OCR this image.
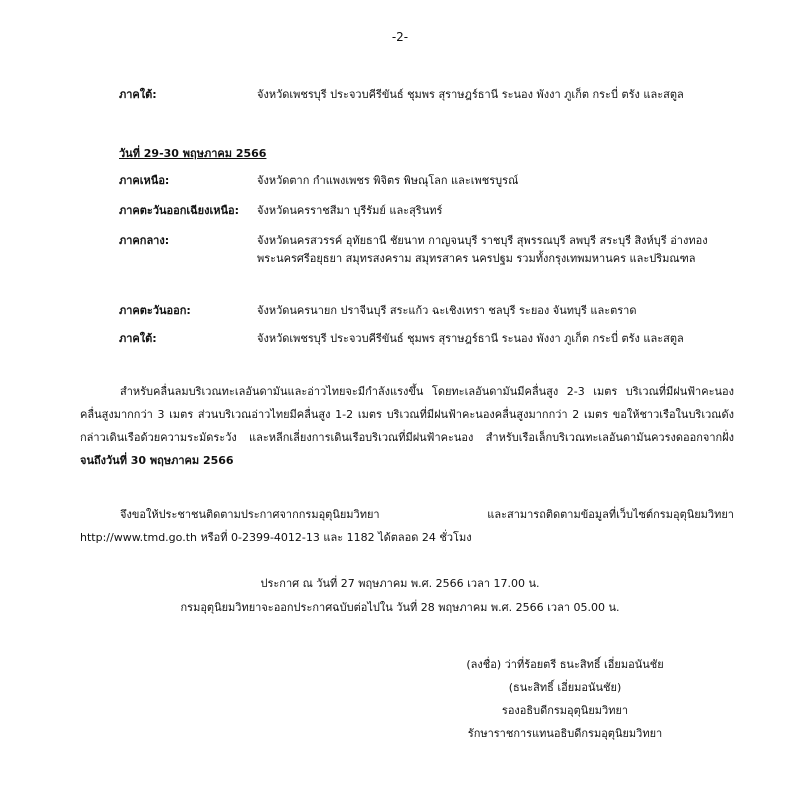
-2-
ภาคใต้:	จังหวัดเพชรบุรี ประจวบคีรีขันธ์ ชุมพร สุราษฎร์ธานี ระนอง พังงา ภูเก็ต กระบี่ ตรัง และสตูล
วันที่ 29-30 พฤษภาคม 2566
ภาคเหนือ:	จังหวัดตาก กำแพงเพชร พิจิตร พิษณุโลก และเพชรบูรณ์
ภาคตะวันออกเฉียงเหนือ: จังหวัดนครราชสีมา บุรีรัมย์ และสุรินทร์
ภาคกลาง:	จังหวัดนครสวรรค์ อุทัยธานี ชัยนาท กาญจนบุรี ราชบุรี สุพรรณบุรี ลพบุรี สระบุรี สิงห์บุรี อ่างทอง พระนครศรีอยุธยา สมุทรสงคราม สมุทรสาคร นครปฐม รวมทั้งกรุงเทพมหานคร และปริมณฑล
ภาคตะวันออก:	จังหวัดนครนายก ปราจีนบุรี สระแก้ว ฉะเชิงเทรา ชลบุรี ระยอง จันทบุรี และตราด
ภาคใต้:	จังหวัดเพชรบุรี ประจวบคีรีขันธ์ ชุมพร สุราษฎร์ธานี ระนอง พังงา ภูเก็ต กระบี่ ตรัง และสตูล
สำหรับคลื่นลมบริเวณทะเลอันดามันและอ่าวไทยจะมีกำลังแรงขึ้น โดยทะเลอันดามันมีคลื่นสูง 2-3 เมตร บริเวณที่มีฝนฟ้าคะนองคลื่นสูงมากกว่า 3 เมตร ส่วนบริเวณอ่าวไทยมีคลื่นสูง 1-2 เมตร บริเวณที่มีฝนฟ้าคะนองคลื่นสูงมากกว่า 2 เมตร ขอให้ชาวเรือในบริเวณดังกล่าวเดินเรือด้วยความระมัดระวัง และหลีกเลี่ยงการเดินเรือบริเวณที่มีฝนฟ้าคะนอง สำหรับเรือเล็กบริเวณทะเลอันดามันควรงดออกจากฝั่งจนถึงวันที่ 30 พฤษภาคม 2566
จึงขอให้ประชาชนติดตามประกาศจากกรมอุตุนิยมวิทยา และสามารถติดตามข้อมูลที่เว็บไซต์กรมอุตุนิยมวิทยา http://www.tmd.go.th หรือที่ 0-2399-4012-13 และ 1182 ได้ตลอด 24 ชั่วโมง
ประกาศ ณ วันที่ 27 พฤษภาคม พ.ศ. 2566 เวลา 17.00 น.
กรมอุตุนิยมวิทยาจะออกประกาศฉบับต่อไปใน วันที่ 28 พฤษภาคม พ.ศ. 2566 เวลา 05.00 น.
(ลงชื่อ) ว่าที่ร้อยตรี ธนะสิทธิ์ เอี่ยมอนันชัย
(ธนะสิทธิ์ เอี่ยมอนันชัย)
รองอธิบดีกรมอุตุนิยมวิทยา
รักษาราชการแทนอธิบดีกรมอุตุนิยมวิทยา
